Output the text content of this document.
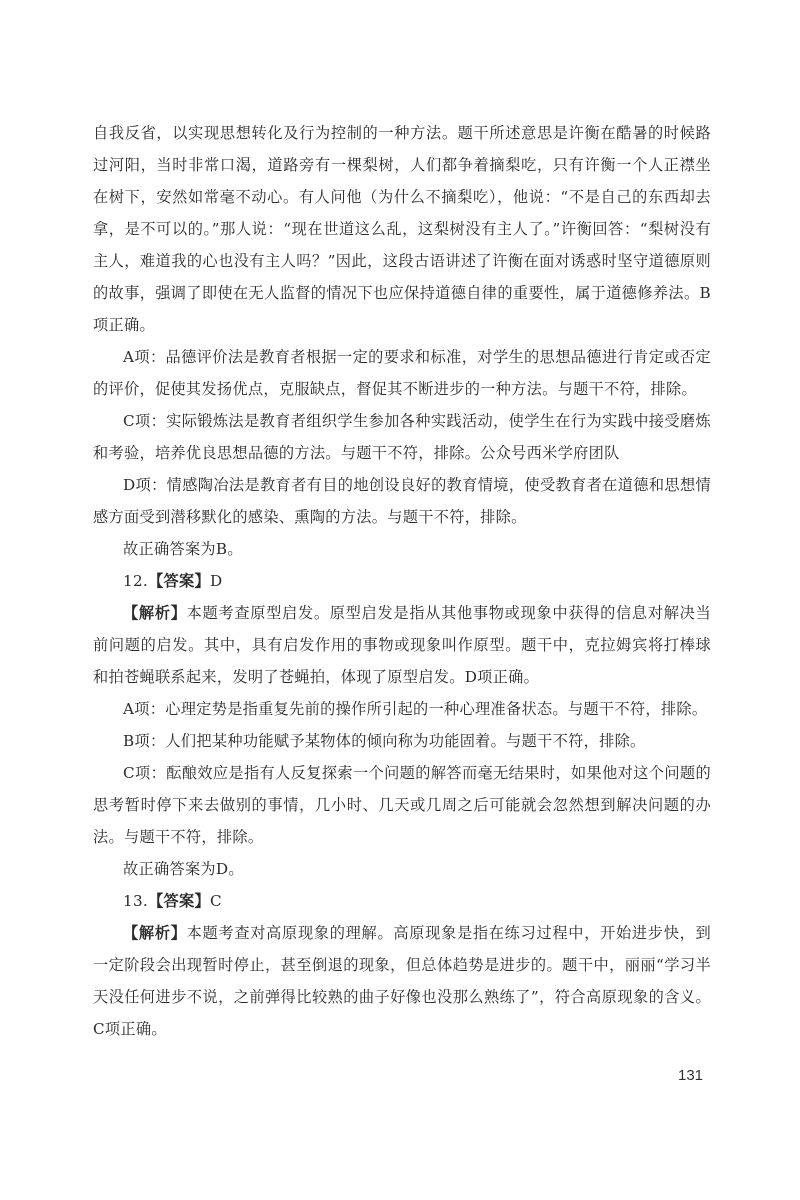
自我反省，以实现思想转化及行为控制的一种方法。题干所述意思是许衡在酷暑的时候路过河阳，当时非常口渴，道路旁有一棵梨树，人们都争着摘梨吃，只有许衡一个人正襟坐在树下，安然如常毫不动心。有人问他（为什么不摘梨吃），他说：“不是自己的东西却去拿，是不可以的。”那人说：“现在世道这么乱，这梨树没有主人了。”许衡回答：“梨树没有主人，难道我的心也没有主人吗？”因此，这段古语讲述了许衡在面对诱惑时坚守道德原则的故事，强调了即使在无人监督的情况下也应保持道德自律的重要性，属于道德修养法。B项正确。

A项：品德评价法是教育者根据一定的要求和标准，对学生的思想品德进行肯定或否定的评价，促使其发扬优点，克服缺点，督促其不断进步的一种方法。与题干不符，排除。

C项：实际锻炼法是教育者组织学生参加各种实践活动，使学生在行为实践中接受磨炼和考验，培养优良思想品德的方法。与题干不符，排除。公众号西米学府团队

D项：情感陶冶法是教育者有目的地创设良好的教育情境，使受教育者在道德和思想情感方面受到潜移默化的感染、熏陶的方法。与题干不符，排除。

故正确答案为B。

12.【答案】D

【解析】本题考查原型启发。原型启发是指从其他事物或现象中获得的信息对解决当前问题的启发。其中，具有启发作用的事物或现象叫作原型。题干中，克拉姆宾将打棒球和拍苍蝇联系起来，发明了苍蝇拍，体现了原型启发。D项正确。

A项：心理定势是指重复先前的操作所引起的一种心理准备状态。与题干不符，排除。

B项：人们把某种功能赋予某物体的倾向称为功能固着。与题干不符，排除。

C项：酝酿效应是指有人反复探索一个问题的解答而毫无结果时，如果他对这个问题的思考暂时停下来去做别的事情，几小时、几天或几周之后可能就会忽然想到解决问题的办法。与题干不符，排除。

故正确答案为D。

13.【答案】C

【解析】本题考查对高原现象的理解。高原现象是指在练习过程中，开始进步快，到一定阶段会出现暂时停止，甚至倒退的现象，但总体趋势是进步的。题干中，丽丽“学习半天没任何进步不说，之前弹得比较熟的曲子好像也没那么熟练了”，符合高原现象的含义。C项正确。

131
